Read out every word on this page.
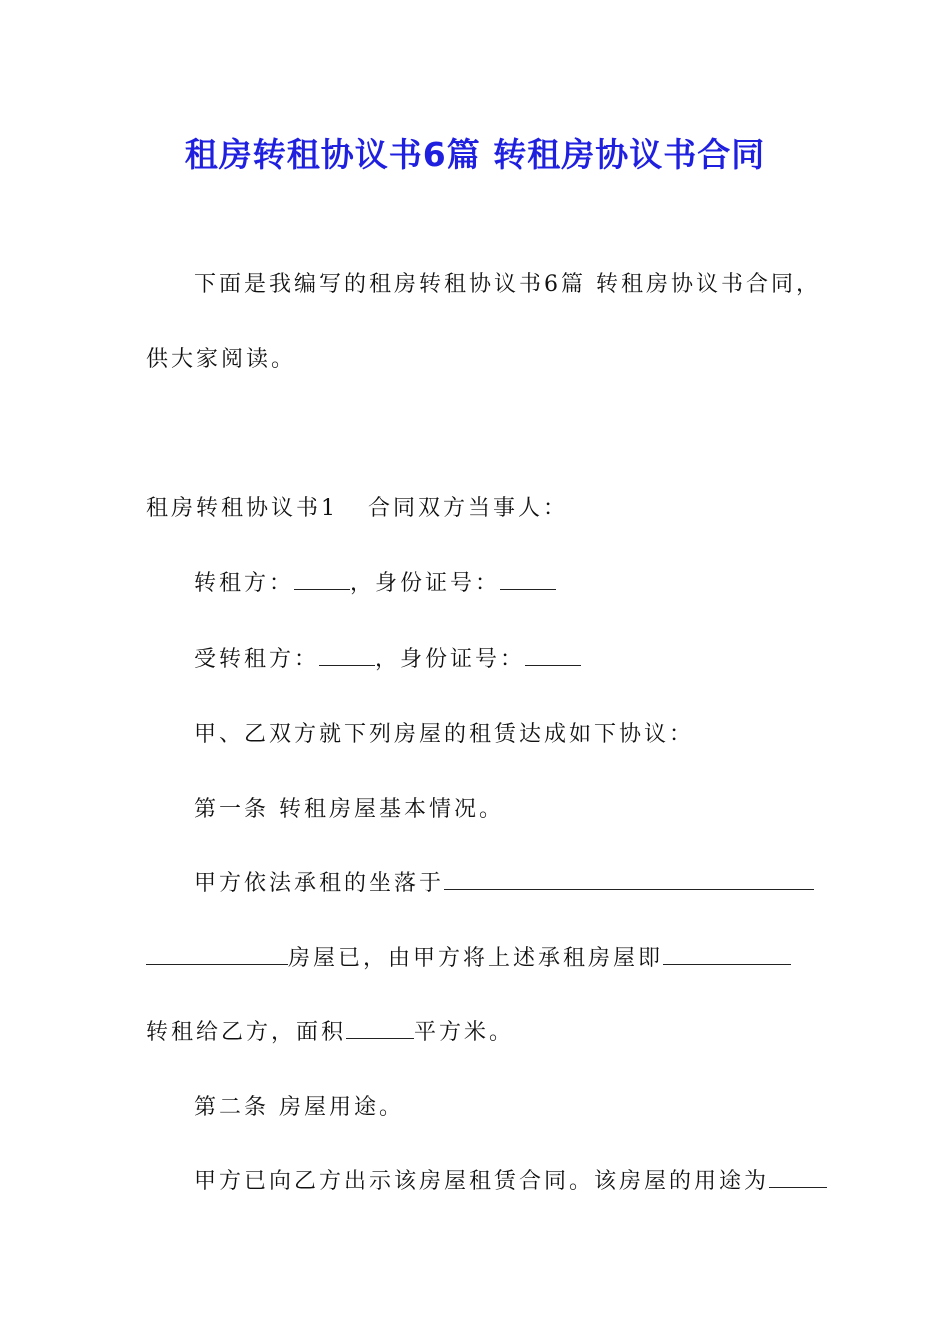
租房转租协议书6篇 转租房协议书合同
下面是我编写的租房转租协议书6篇 转租房协议书合同，
供大家阅读。
租房转租协议书1 合同双方当事人：
转租方：	，身份证号：
受转租方：	，身份证号：
甲、乙双方就下列房屋的租赁达成如下协议：
第一条 转租房屋基本情况。
甲方依法承租的坐落于
房屋已，由甲方将上述承租房屋即
转租给乙方，面积	平方米。
第二条 房屋用途。
甲方已向乙方出示该房屋租赁合同。该房屋的用途为
